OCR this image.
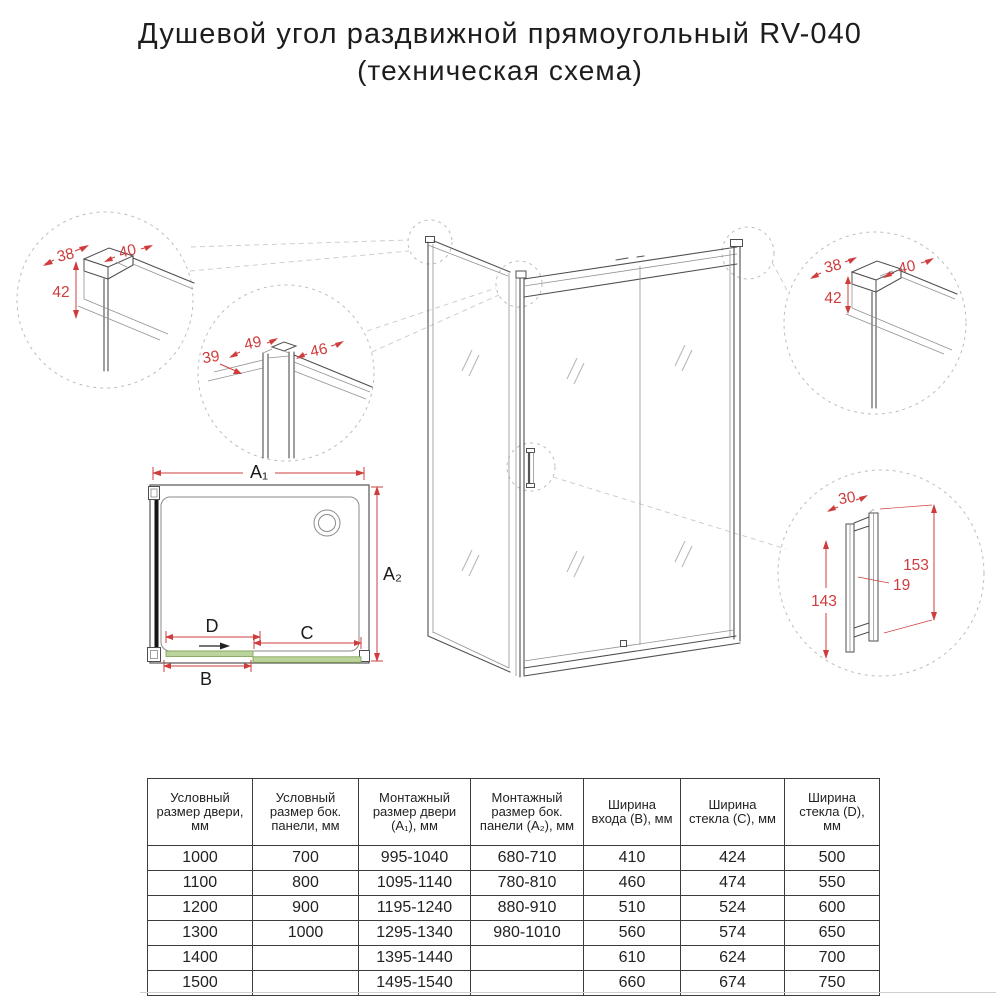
Душевой угол раздвижной прямоугольный RV-040
(техническая схема)
38	40
42
49	46
39
38	40
42
30
153
143
19
A₁
A₂
D	C
B
Условный размер двери, мм	Условный размер бок. панели, мм	Монтажный размер двери (A₁), мм	Монтажный размер бок. панели (A₂), мм	Ширина входа (B), мм	Ширина стекла (C), мм	Ширина стекла (D), мм
1000	700	995-1040	680-710	410	424	500
1100	800	1095-1140	780-810	460	474	550
1200	900	1195-1240	880-910	510	524	600
1300	1000	1295-1340	980-1010	560	574	650
1400		1395-1440		610	624	700
1500		1495-1540		660	674	750
